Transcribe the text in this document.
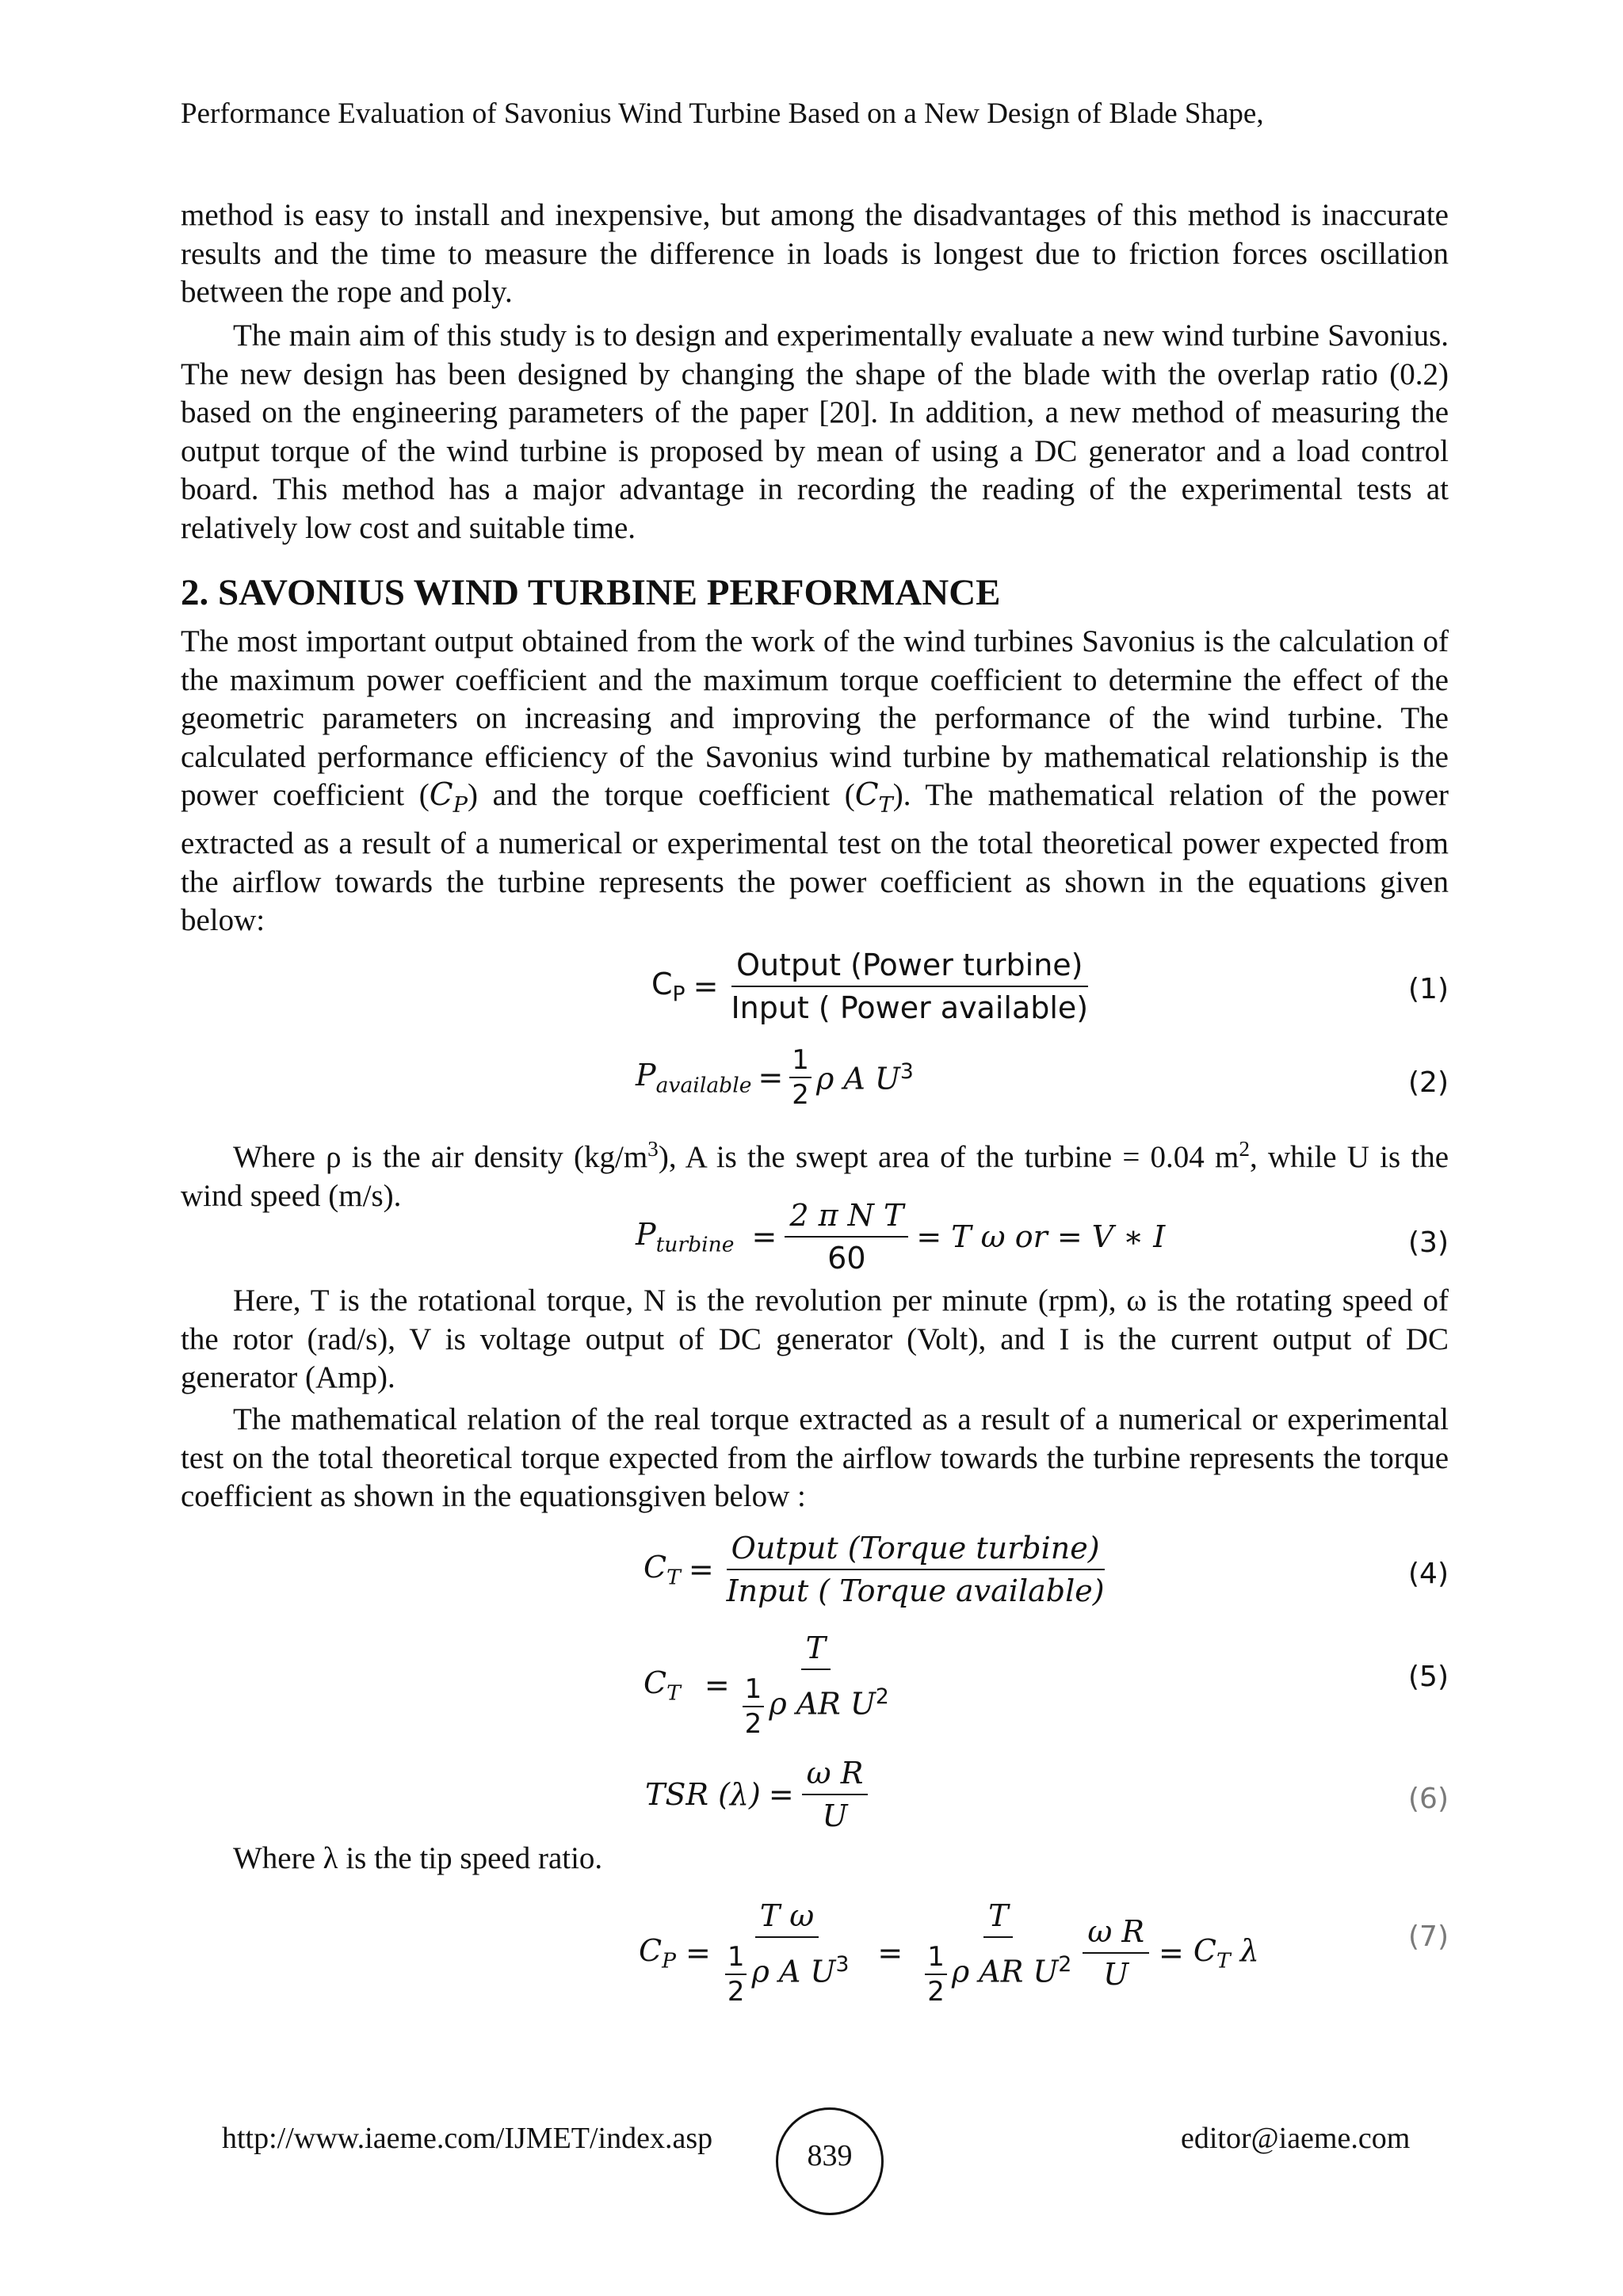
Performance Evaluation of Savonius Wind Turbine Based on a New Design of Blade Shape,

method is easy to install and inexpensive, but among the disadvantages of this method is inaccurate results and the time to measure the difference in loads is longest due to friction forces oscillation between the rope and poly.

The main aim of this study is to design and experimentally evaluate a new wind turbine Savonius. The new design has been designed by changing the shape of the blade with the overlap ratio (0.2) based on the engineering parameters of the paper [20]. In addition, a new method of measuring the output torque of the wind turbine is proposed by mean of using a DC generator and a load control board. This method has a major advantage in recording the reading of the experimental tests at relatively low cost and suitable time.

2. SAVONIUS WIND TURBINE PERFORMANCE

The most important output obtained from the work of the wind turbines Savonius is the calculation of the maximum power coefficient and the maximum torque coefficient to determine the effect of the geometric parameters on increasing and improving the performance of the wind turbine. The calculated performance efficiency of the Savonius wind turbine by mathematical relationship is the power coefficient $(C_P)$ and the torque coefficient $(C_T)$. The mathematical relation of the power extracted as a result of a numerical or experimental test on the total theoretical power expected from the airflow towards the turbine represents the power coefficient as shown in the equations given below:

$C_P = \frac{\text{Output (Power turbine)}}{\text{Input ( Power available)}}$	(1)
$P_{available} = \frac{1}{2}$ ρ A $U^3$	(2)

Where ρ is the air density $(kg/m^3)$, A is the swept area of the turbine = 0.04 $m^2$, while U is the wind speed (m/s).

$P_{turbine} = \frac{\text{2 π N T}}{60} = T$ ω or = V ∗ I	(3)

Here, T is the rotational torque, N is the revolution per minute (rpm), ω is the rotating speed of the rotor (rad/s), V is voltage output of DC generator (Volt), and I is the current output of DC generator (Amp).

The mathematical relation of the real torque extracted as a result of a numerical or experimental test on the total theoretical torque expected from the airflow towards the turbine represents the torque coefficient as shown in the equationsgiven below :

$C_T = \frac{\text{Output (Torque turbine)}}{\text{Input ( Torque available)}}$	(4)
$C_T = \frac{T}{\frac{1}{2} \rho AR U^2}$	(5)
TSR $(\lambda) = \frac{\text{ω R}}{U}$	(6)
Where λ is the tip speed ratio.
$C_P = \frac{\text{T ω}}{\frac{1}{2} \rho A U^3} = \frac{T}{\frac{1}{2} \rho AR U^2} \frac{\text{ω R}}{U} = C_T$ λ	(7)
http://www.iaeme.com/IJMET/index.asp
839
editor@iaeme.com
